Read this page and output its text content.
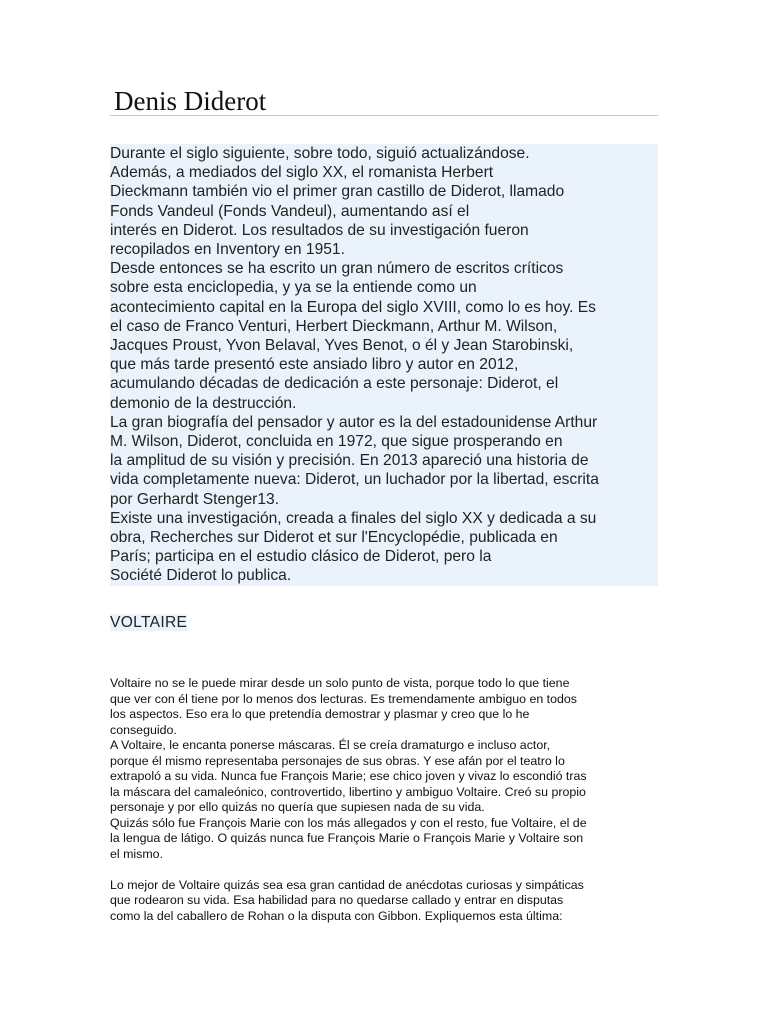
Denis Diderot

Durante el siglo siguiente, sobre todo, siguió actualizándose.
Además, a mediados del siglo XX, el romanista Herbert
Dieckmann también vio el primer gran castillo de Diderot, llamado
Fonds Vandeul (Fonds Vandeul), aumentando así el
interés en Diderot. Los resultados de su investigación fueron
recopilados en Inventory en 1951.

Desde entonces se ha escrito un gran número de escritos críticos
sobre esta enciclopedia, y ya se la entiende como un
acontecimiento capital en la Europa del siglo XVIII, como lo es hoy. Es
el caso de Franco Venturi, Herbert Dieckmann, Arthur M. Wilson,
Jacques Proust, Yvon Belaval, Yves Benot, o él y Jean Starobinski,
que más tarde presentó este ansiado libro y autor en 2012,
acumulando décadas de dedicación a este personaje: Diderot, el
demonio de la destrucción.

La gran biografía del pensador y autor es la del estadounidense Arthur
M. Wilson, Diderot, concluida en 1972, que sigue prosperando en
la amplitud de su visión y precisión. En 2013 apareció una historia de
vida completamente nueva: Diderot, un luchador por la libertad, escrita
por Gerhardt Stenger13.

Existe una investigación, creada a finales del siglo XX y dedicada a su
obra, Recherches sur Diderot et sur l'Encyclopédie, publicada en
París; participa en el estudio clásico de Diderot, pero la
Société Diderot lo publica.

VOLTAIRE

Voltaire no se le puede mirar desde un solo punto de vista, porque todo lo que tiene
que ver con él tiene por lo menos dos lecturas. Es tremendamente ambiguo en todos
los aspectos. Eso era lo que pretendía demostrar y plasmar y creo que lo he
conseguido.

A Voltaire, le encanta ponerse máscaras. Él se creía dramaturgo e incluso actor,
porque él mismo representaba personajes de sus obras. Y ese afán por el teatro lo
extrapoló a su vida. Nunca fue François Marie; ese chico joven y vivaz lo escondió tras
la máscara del camaleónico, controvertido, libertino y ambiguo Voltaire. Creó su propio
personaje y por ello quizás no quería que supiesen nada de su vida.

Quizás sólo fue François Marie con los más allegados y con el resto, fue Voltaire, el de
la lengua de látigo. O quizás nunca fue François Marie o François Marie y Voltaire son
el mismo.

Lo mejor de Voltaire quizás sea esa gran cantidad de anécdotas curiosas y simpáticas
que rodearon su vida. Esa habilidad para no quedarse callado y entrar en disputas
como la del caballero de Rohan o la disputa con Gibbon. Expliquemos esta última:
